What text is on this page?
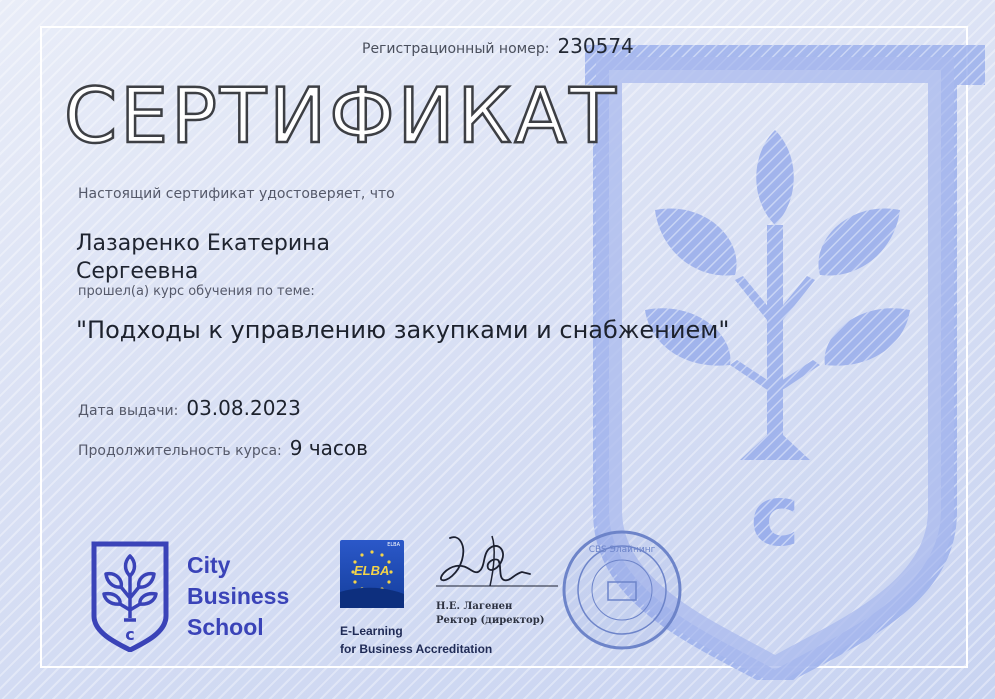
c
Регистрационный номер: 230574
СЕРТИФИКАТ
Настоящий сертификат удостоверяет, что
Лазаренко Екатерина
Сергеевна
прошел(а) курс обучения по теме:
"Подходы к управлению закупками и снабжением"
Дата выдачи: 03.08.2023
Продолжительность курса: 9 часов
c
City
Business
School
ELBA
ELBA
E-Learning
for Business Accreditation
Н.Е. Лагенен
Ректор (директор)
CBS Элайнинг
